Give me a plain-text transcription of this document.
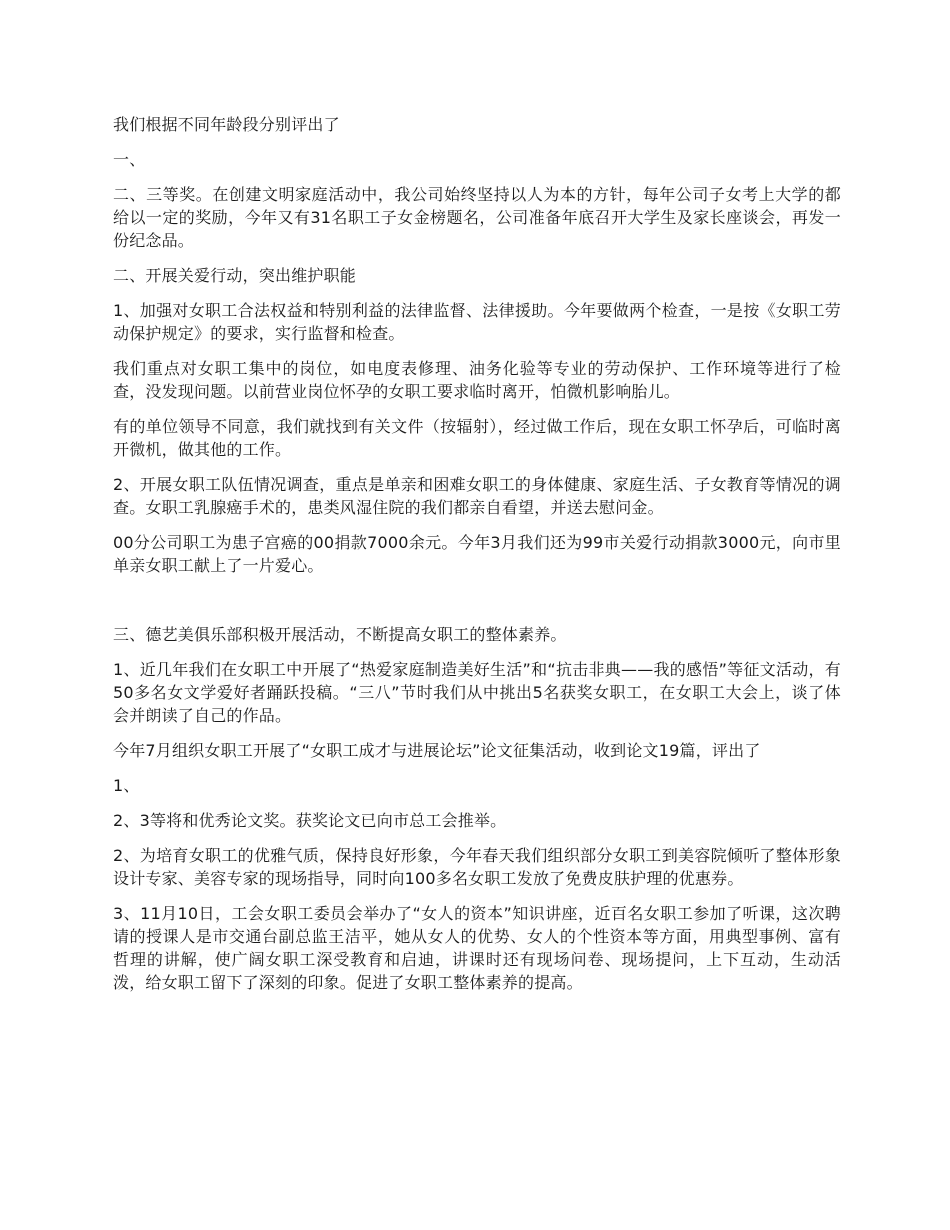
我们根据不同年龄段分别评出了

一、

二、三等奖。在创建文明家庭活动中，我公司始终坚持以人为本的方针，每年公司子女考上大学的都给以一定的奖励，今年又有31名职工子女金榜题名，公司准备年底召开大学生及家长座谈会，再发一份纪念品。

二、开展关爱行动，突出维护职能

1、加强对女职工合法权益和特别利益的法律监督、法律援助。今年要做两个检查，一是按《女职工劳动保护规定》的要求，实行监督和检查。

我们重点对女职工集中的岗位，如电度表修理、油务化验等专业的劳动保护、工作环境等进行了检查，没发现问题。以前营业岗位怀孕的女职工要求临时离开，怕微机影响胎儿。

有的单位领导不同意，我们就找到有关文件（按辐射），经过做工作后，现在女职工怀孕后，可临时离开微机，做其他的工作。

2、开展女职工队伍情况调查，重点是单亲和困难女职工的身体健康、家庭生活、子女教育等情况的调查。女职工乳腺癌手术的，患类风湿住院的我们都亲自看望，并送去慰问金。

00分公司职工为患子宫癌的00捐款7000余元。今年3月我们还为99市关爱行动捐款3000元，向市里单亲女职工献上了一片爱心。

三、德艺美俱乐部积极开展活动，不断提高女职工的整体素养。

1、近几年我们在女职工中开展了“热爱家庭制造美好生活”和“抗击非典——我的感悟”等征文活动，有50多名女文学爱好者踊跃投稿。“三八”节时我们从中挑出5名获奖女职工，在女职工大会上，谈了体会并朗读了自己的作品。

今年7月组织女职工开展了“女职工成才与进展论坛”论文征集活动，收到论文19篇，评出了

1、

2、3等将和优秀论文奖。获奖论文已向市总工会推举。

2、为培育女职工的优雅气质，保持良好形象，今年春天我们组织部分女职工到美容院倾听了整体形象设计专家、美容专家的现场指导，同时向100多名女职工发放了免费皮肤护理的优惠券。

3、11月10日，工会女职工委员会举办了“女人的资本”知识讲座，近百名女职工参加了听课，这次聘请的授课人是市交通台副总监王洁平，她从女人的优势、女人的个性资本等方面，用典型事例、富有哲理的讲解，使广阔女职工深受教育和启迪，讲课时还有现场问卷、现场提问，上下互动，生动活泼，给女职工留下了深刻的印象。促进了女职工整体素养的提高。
